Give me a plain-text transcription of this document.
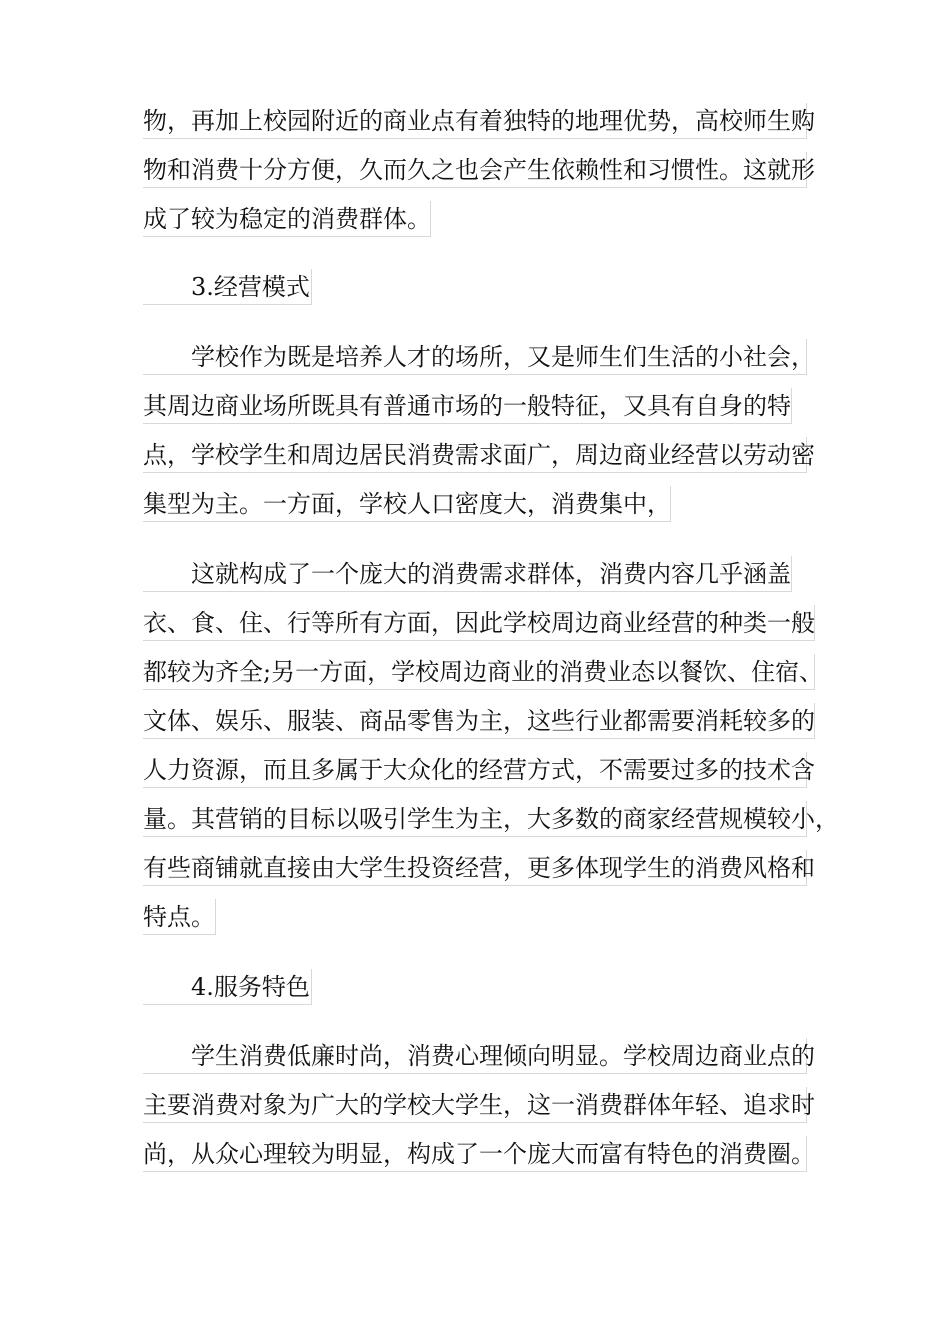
物，再加上校园附近的商业点有着独特的地理优势，高校师生购
物和消费十分方便，久而久之也会产生依赖性和习惯性。这就形
成了较为稳定的消费群体。
3.经营模式
学校作为既是培养人才的场所，又是师生们生活的小社会，
其周边商业场所既具有普通市场的一般特征，又具有自身的特
点，学校学生和周边居民消费需求面广，周边商业经营以劳动密
集型为主。一方面，学校人口密度大，消费集中，
这就构成了一个庞大的消费需求群体，消费内容几乎涵盖
衣、食、住、行等所有方面，因此学校周边商业经营的种类一般
都较为齐全;另一方面，学校周边商业的消费业态以餐饮、住宿、
文体、娱乐、服装、商品零售为主，这些行业都需要消耗较多的
人力资源，而且多属于大众化的经营方式，不需要过多的技术含
量。其营销的目标以吸引学生为主，大多数的商家经营规模较小，
有些商铺就直接由大学生投资经营，更多体现学生的消费风格和
特点。
4.服务特色
学生消费低廉时尚，消费心理倾向明显。学校周边商业点的
主要消费对象为广大的学校大学生，这一消费群体年轻、追求时
尚，从众心理较为明显，构成了一个庞大而富有特色的消费圈。
